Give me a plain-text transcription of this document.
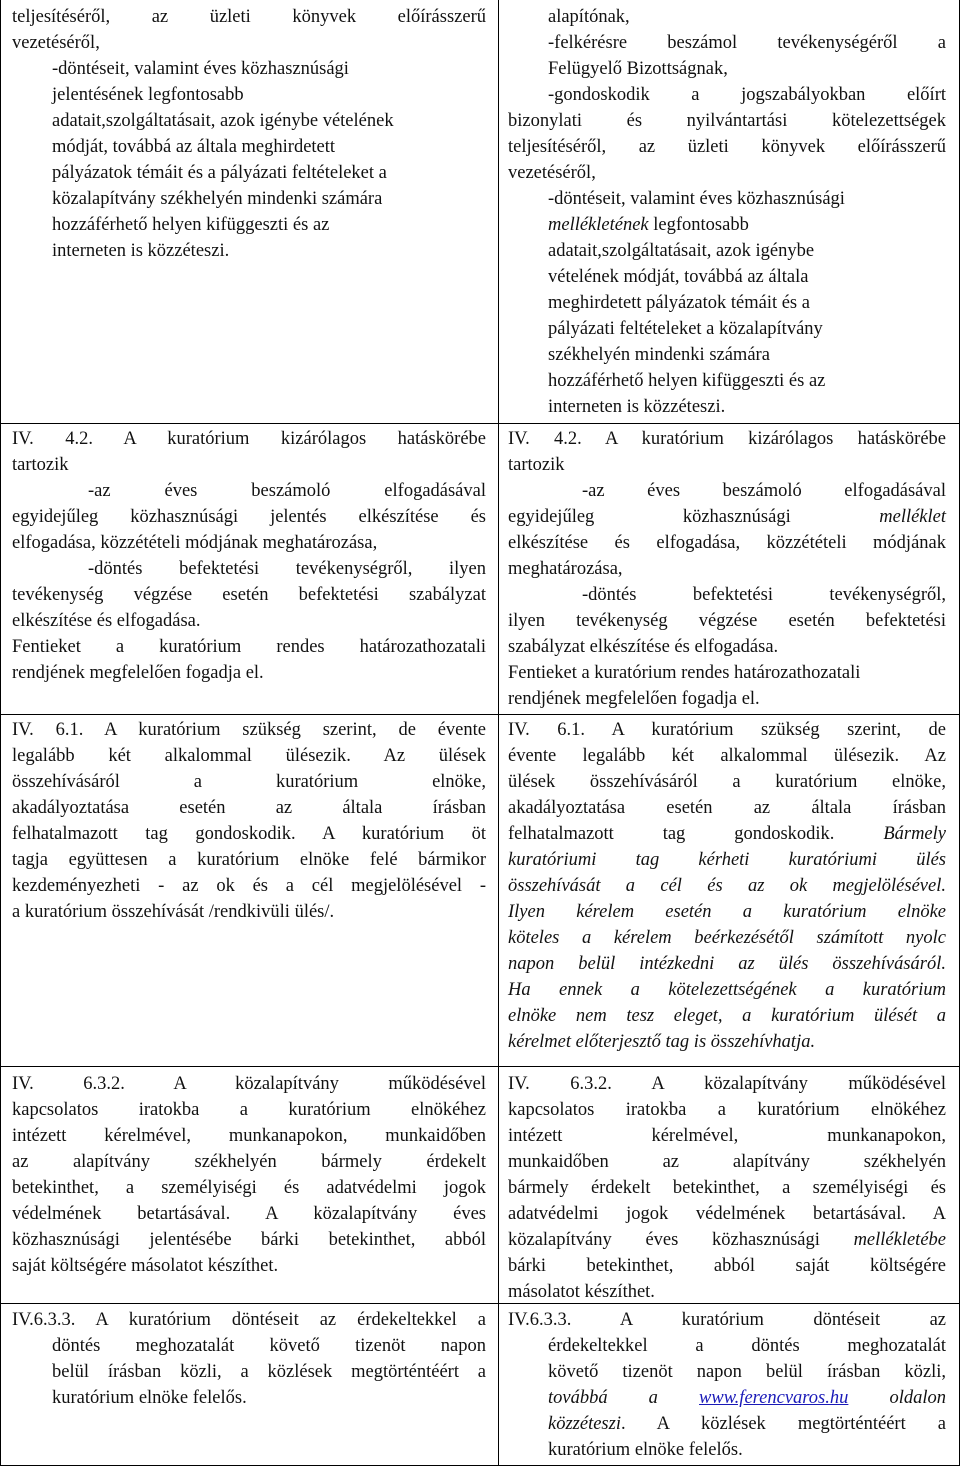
teljesítéséről, az üzleti könyvek előírásszerű

vezetéséről,

-döntéseit, valamint éves közhasznúsági

jelentésének legfontosabb

adatait,szolgáltatásait, azok igénybe vételének

módját, továbbá az általa meghirdetett

pályázatok témáit és a pályázati feltételeket a

közalapítvány székhelyén mindenki számára

hozzáférhető helyen kifüggeszti és az

interneten is közzéteszi.

alapítónak,

-felkérésre beszámol tevékenységéről a

Felügyelő Bizottságnak,

-gondoskodik a jogszabályokban előírt

bizonylati és nyilvántartási kötelezettségek

teljesítéséről, az üzleti könyvek előírásszerű

vezetéséről,

-döntéseit, valamint éves közhasznúsági

mellékletének legfontosabb

adatait,szolgáltatásait, azok igénybe

vételének módját, továbbá az általa

meghirdetett pályázatok témáit és a

pályázati feltételeket a közalapítvány

székhelyén mindenki számára

hozzáférhető helyen kifüggeszti és az

interneten is közzéteszi.

IV. 4.2. A kuratórium kizárólagos hatáskörébe

tartozik

-az éves beszámoló elfogadásával

egyidejűleg közhasznúsági jelentés elkészítése és

elfogadása, közzétételi módjának meghatározása,

-döntés befektetési tevékenységről, ilyen

tevékenység végzése esetén befektetési szabályzat

elkészítése és elfogadása.

Fentieket a kuratórium rendes határozathozatali

rendjének megfelelően fogadja el.

IV. 4.2. A kuratórium kizárólagos hatáskörébe

tartozik

-az éves beszámoló elfogadásával

egyidejűleg közhasznúsági	melléklet

elkészítése és elfogadása, közzétételi módjának

meghatározása,

-döntés befektetési tevékenységről,

ilyen tevékenység végzése esetén befektetési

szabályzat elkészítése és elfogadása.

Fentieket a kuratórium rendes határozathozatali

rendjének megfelelően fogadja el.

IV. 6.1. A kuratórium szükség szerint, de évente

legalább két alkalommal ülésezik. Az ülések

összehívásáról a kuratórium elnöke,

akadályoztatása esetén az általa írásban

felhatalmazott tag gondoskodik. A kuratórium öt

tagja együttesen a kuratórium elnöke felé bármikor

kezdeményezheti - az ok és a cél megjelölésével -

a kuratórium összehívását /rendkivüli ülés/.

IV. 6.1. A kuratórium szükség szerint, de

évente legalább két alkalommal ülésezik. Az

ülések összehívásáról a kuratórium elnöke,

akadályoztatása esetén az általa írásban

felhatalmazott tag gondoskodik. Bármely

kuratóriumi tag kérheti kuratóriumi ülés

összehívását a cél és az ok megjelölésével.

Ilyen kérelem esetén a kuratórium elnöke

köteles a kérelem beérkezésétől számított nyolc

napon belül intézkedni az ülés összehívásáról.

Ha ennek a kötelezettségének a kuratórium

elnöke nem tesz eleget, a kuratórium ülését a

kérelmet előterjesztő tag is összehívhatja.

IV. 6.3.2. A közalapítvány működésével

kapcsolatos iratokba a kuratórium elnökéhez

intézett kérelmével, munkanapokon, munkaidőben

az alapítvány székhelyén bármely érdekelt

betekinthet, a személyiségi és adatvédelmi jogok

védelmének betartásával. A közalapítvány éves

közhasznúsági jelentésébe bárki betekinthet, abból

saját költségére másolatot készíthet.

IV. 6.3.2. A közalapítvány működésével

kapcsolatos iratokba a kuratórium elnökéhez

intézett kérelmével, munkanapokon,

munkaidőben az alapítvány székhelyén

bármely érdekelt betekinthet, a személyiségi és

adatvédelmi jogok védelmének betartásával. A

közalapítvány éves közhasznúsági mellékletébe

bárki betekinthet, abból saját költségére

másolatot készíthet.

IV.6.3.3. A kuratórium döntéseit az érdekeltekkel a

döntés meghozatalát követő tizenöt napon

belül írásban közli, a közlések megtörténtéért a

kuratórium elnöke felelős.

IV.6.3.3. A kuratórium döntéseit az

érdekeltekkel a döntés meghozatalát

követő tizenöt napon belül írásban közli,

továbbá a www.ferencvaros.hu oldalon

közzéteszi. A közlések megtörténtéért a

kuratórium elnöke felelős.
